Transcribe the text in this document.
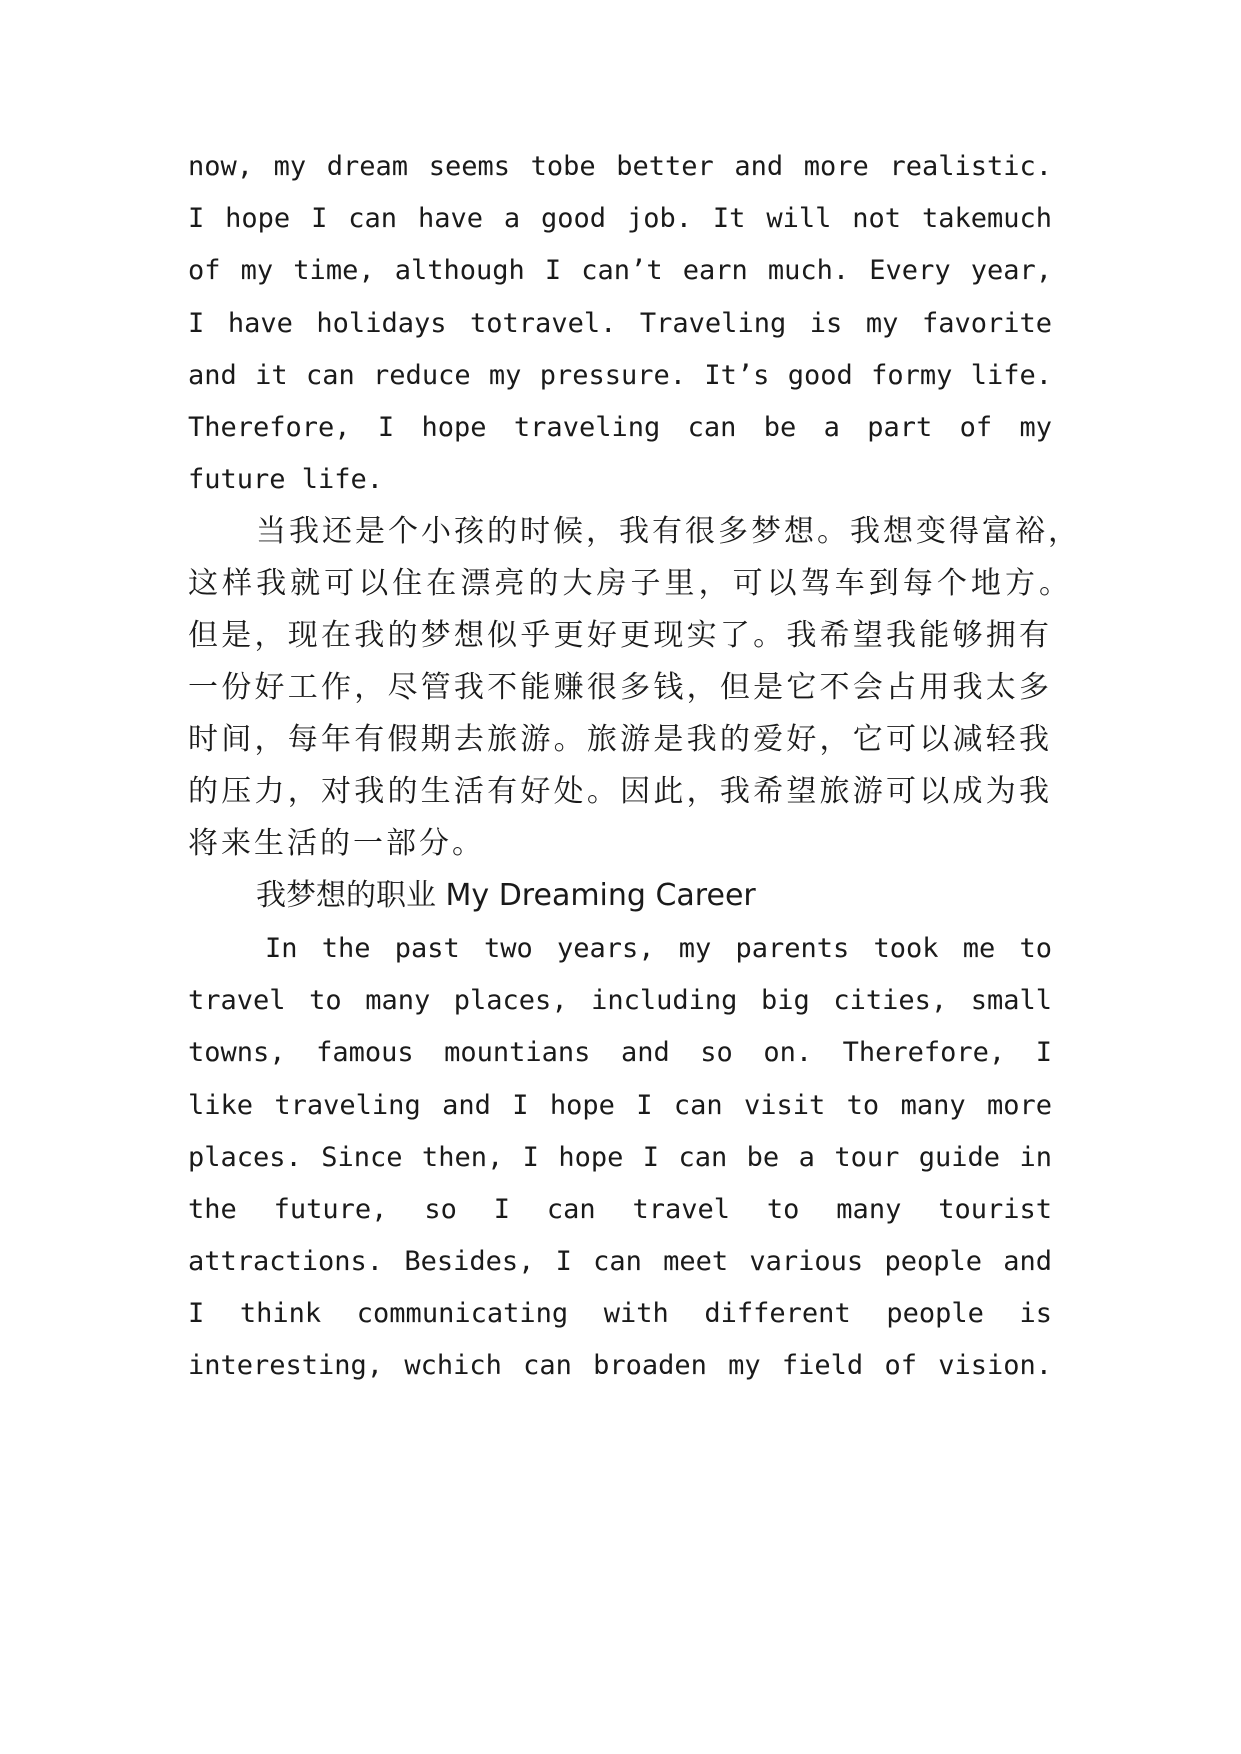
now, my dream seems tobe better and more realistic.
I hope I can have a good job. It will not takemuch
of my time, although I can’t earn much. Every year,
I have holidays totravel. Traveling is my favorite
and it can reduce my pressure. It’s good formy life.
Therefore, I hope traveling can be a part of my
future life.
当我还是个小孩的时候，我有很多梦想。我想变得富裕，
这样我就可以住在漂亮的大房子里，可以驾车到每个地方。
但是，现在我的梦想似乎更好更现实了。我希望我能够拥有
一份好工作，尽管我不能赚很多钱，但是它不会占用我太多
时间，每年有假期去旅游。旅游是我的爱好，它可以减轻我
的压力，对我的生活有好处。因此，我希望旅游可以成为我
将来生活的一部分。
我梦想的职业 My Dreaming Career
In the past two years, my parents took me to
travel to many places, including big cities, small
towns, famous mountians and so on. Therefore, I
like traveling and I hope I can visit to many more
places. Since then, I hope I can be a tour guide in
the future, so I can travel to many tourist
attractions. Besides, I can meet various people and
I think communicating with different people is
interesting, wchich can broaden my field of vision.
